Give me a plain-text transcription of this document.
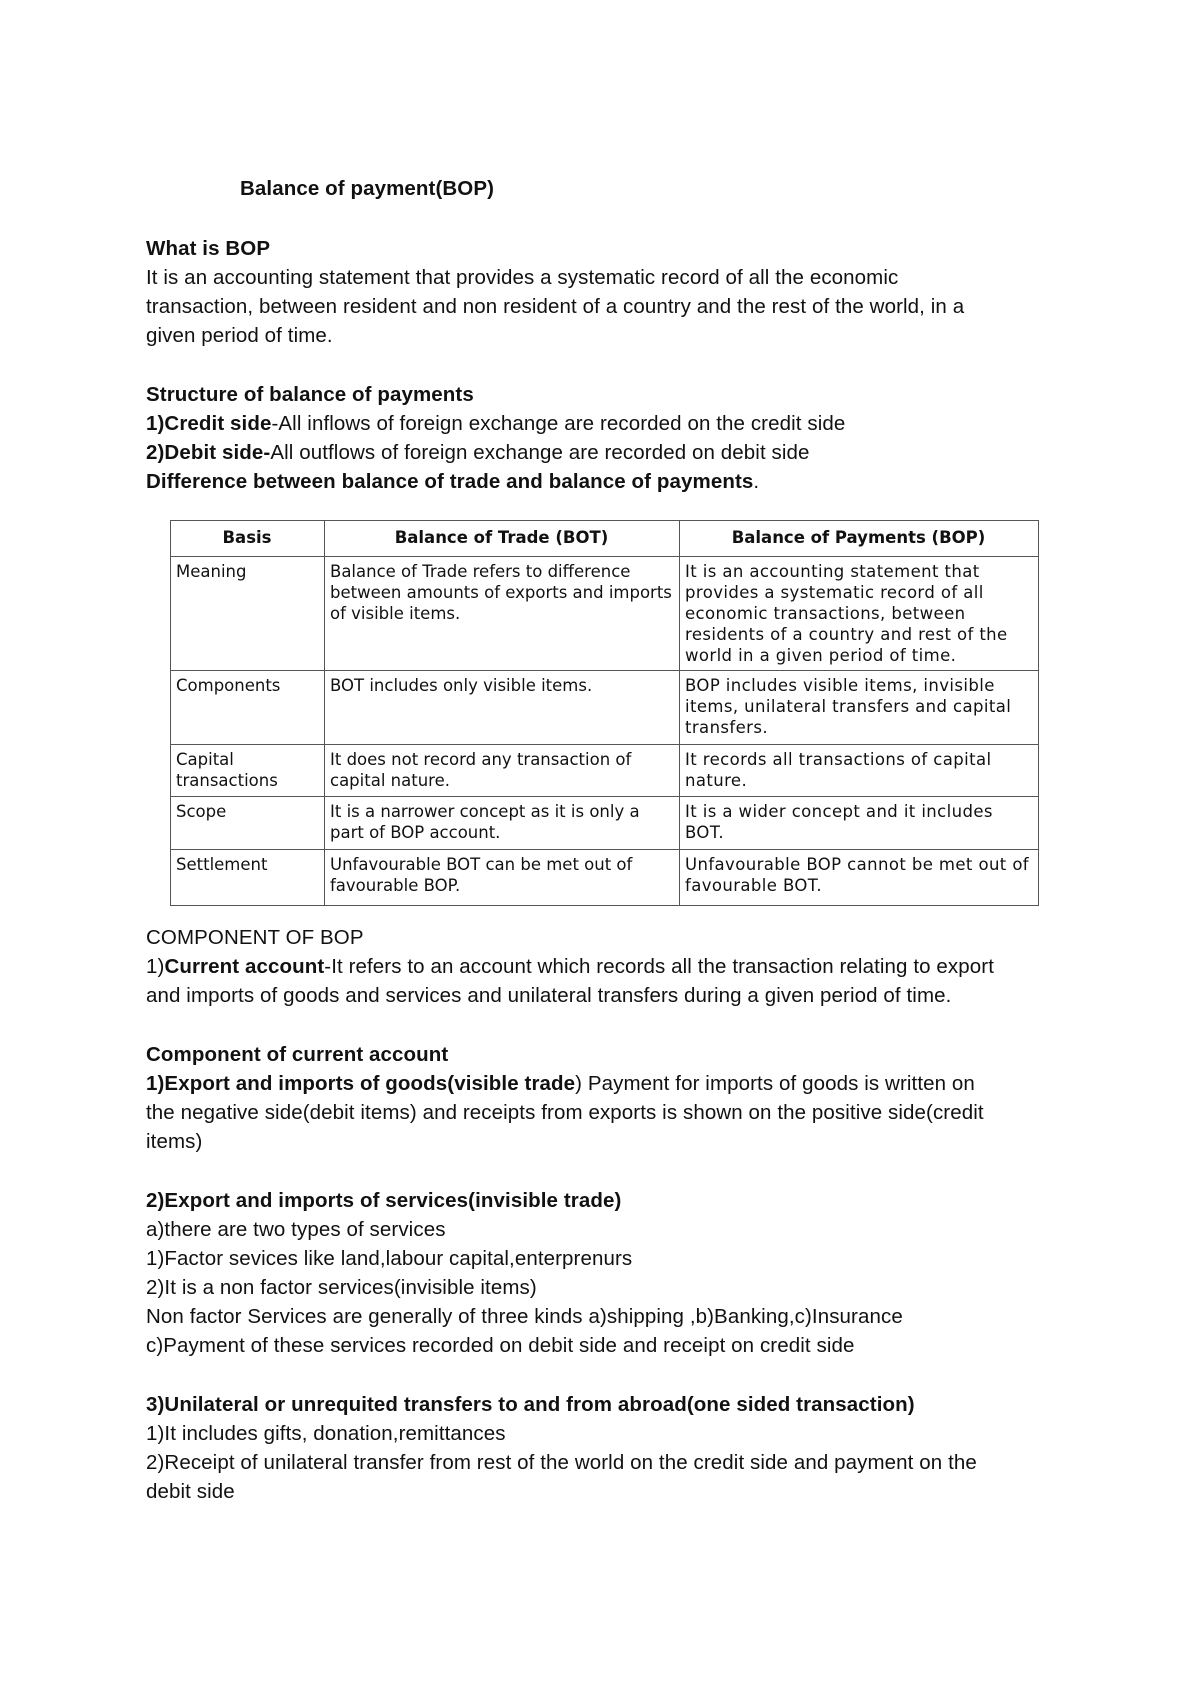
Balance of payment(BOP)
What is BOP
It is an accounting statement that provides a systematic record of all the economic
transaction, between resident and non resident of a country and the rest of the world, in a
given period of time.
Structure of balance of payments
1)Credit side-All inflows of foreign exchange are recorded on the credit side
2)Debit side-All outflows of foreign exchange are recorded on debit side
Difference between balance of trade and balance of payments.
Basis	Balance of Trade (BOT)	Balance of Payments (BOP)
Meaning	Balance of Trade refers to difference between amounts of exports and imports of visible items.	It is an accounting statement that provides a systematic record of all economic transactions, between residents of a country and rest of the world in a given period of time.
Components	BOT includes only visible items.	BOP includes visible items, invisible items, unilateral transfers and capital transfers.
Capital transactions	It does not record any transaction of capital nature.	It records all transactions of capital nature.
Scope	It is a narrower concept as it is only a part of BOP account.	It is a wider concept and it includes BOT.
Settlement	Unfavourable BOT can be met out of favourable BOP.	Unfavourable BOP cannot be met out of favourable BOT.
COMPONENT OF BOP
1)Current account-It refers to an account which records all the transaction relating to export
and imports of goods and services and unilateral transfers during a given period of time.
Component of current account
1)Export and imports of goods(visible trade) Payment for imports of goods is written on
the negative side(debit items) and receipts from exports is shown on the positive side(credit
items)
2)Export and imports of services(invisible trade)
a)there are two types of services
1)Factor sevices like land,labour capital,enterprenurs
2)It is a non factor services(invisible items)
Non factor Services are generally of three kinds a)shipping ,b)Banking,c)Insurance
c)Payment of these services recorded on debit side and receipt on credit side
3)Unilateral or unrequited transfers to and from abroad(one sided transaction)
1)It includes gifts, donation,remittances
2)Receipt of unilateral transfer from rest of the world on the credit side and payment on the
debit side
